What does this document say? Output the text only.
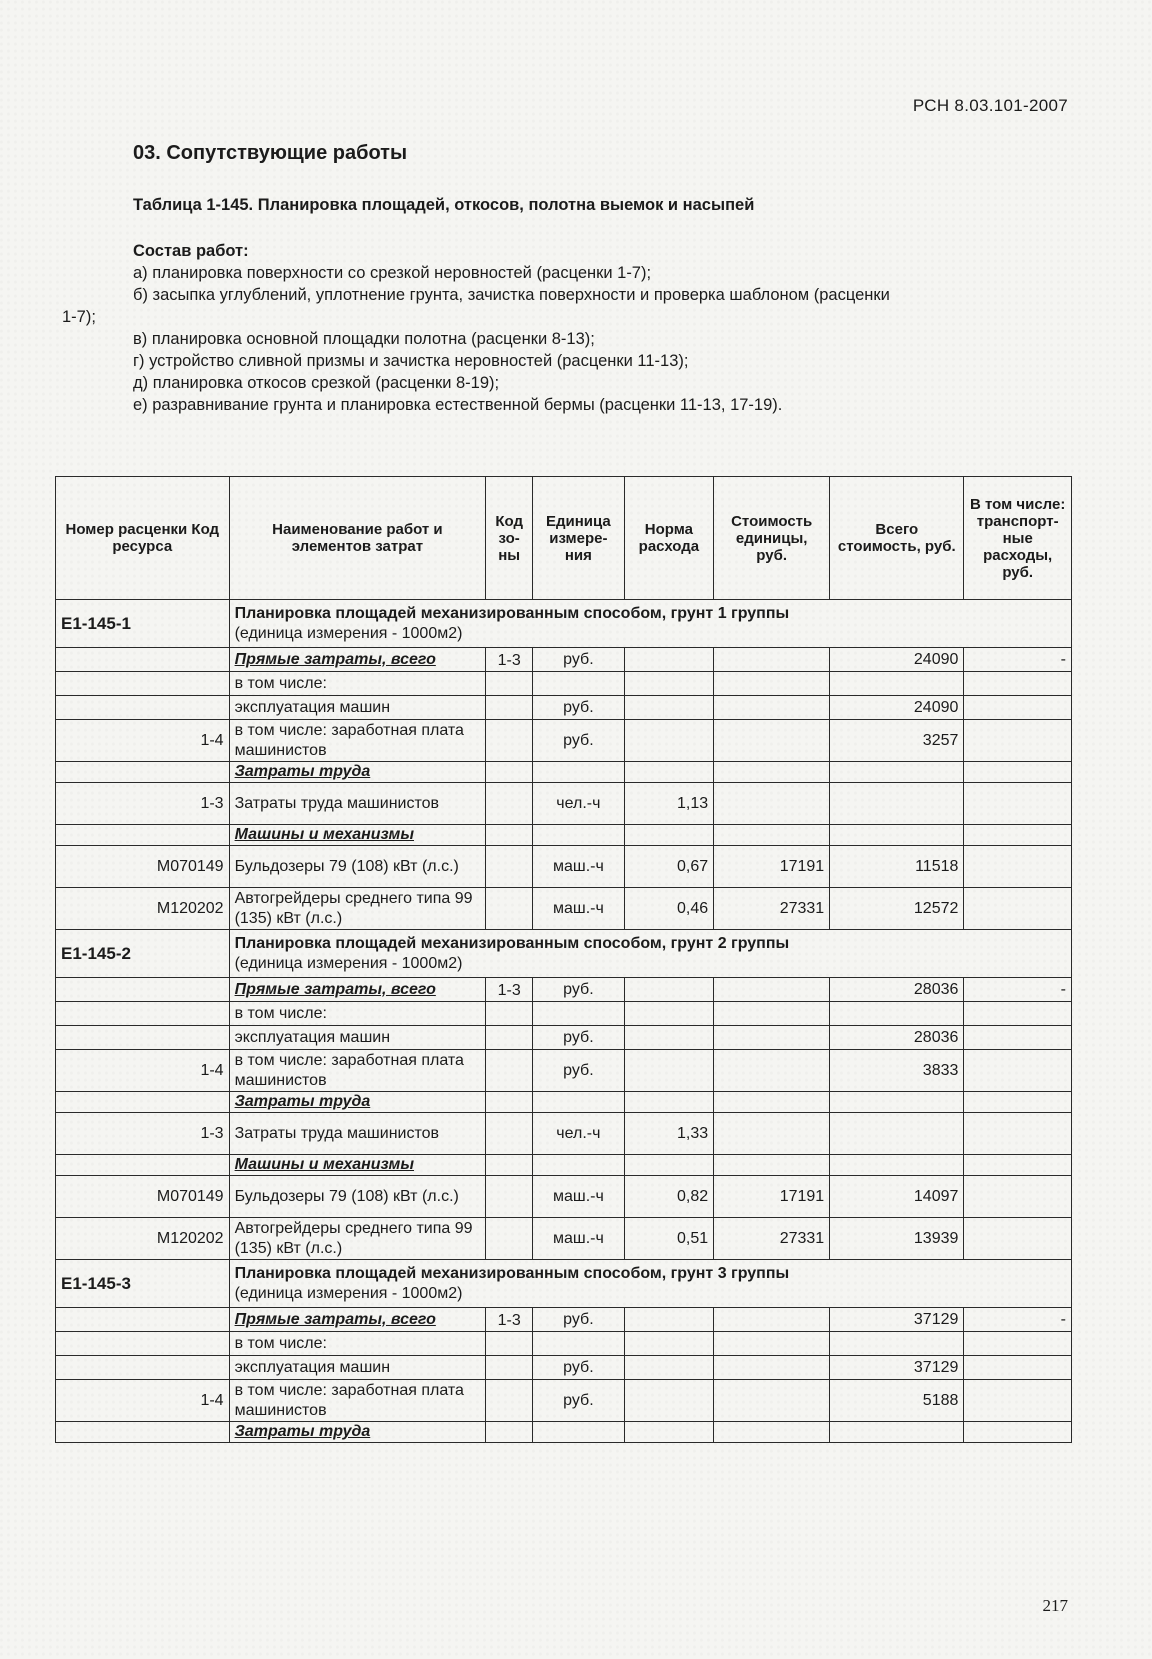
РСН 8.03.101-2007
03. Сопутствующие работы
Таблица 1-145. Планировка площадей, откосов, полотна выемок и насыпей
Состав работ:
а) планировка поверхности со срезкой неровностей (расценки 1-7);
б) засыпка углублений, уплотнение грунта, зачистка поверхности и проверка шаблоном (расценки
1-7);
в) планировка основной площадки полотна (расценки 8-13);
г) устройство сливной призмы и зачистка неровностей (расценки 11-13);
д) планировка откосов срезкой (расценки 8-19);
е) разравнивание грунта и планировка естественной бермы (расценки 11-13, 17-19).
Номер расценки Код ресурса	Наименование работ и элементов затрат	Код зо-ны	Единица измере-ния	Норма расхода	Стоимость единицы, руб.	Всего стоимость, руб.	В том числе: транспорт-ные расходы, руб.
Е1-145-1	Планировка площадей механизированным способом, грунт 1 группы
(единица измерения - 1000м2)						

	Прямые затраты, всего	1-3	руб.			24090	-
	в том числе:						
	эксплуатация машин		руб.			24090	
1-4	в том числе: заработная плата машинистов		руб.			3257	
	Затраты труда						
1-3	Затраты труда машинистов		чел.-ч	1,13			
	Машины и механизмы						
М070149	Бульдозеры 79 (108) кВт (л.с.)		маш.-ч	0,67	17191	11518	
М120202	Автогрейдеры среднего типа 99 (135) кВт (л.с.)		маш.-ч	0,46	27331	12572	
Е1-145-2	Планировка площадей механизированным способом, грунт 2 группы
(единица измерения - 1000м2)						

	Прямые затраты, всего	1-3	руб.			28036	-
	в том числе:						
	эксплуатация машин		руб.			28036	
1-4	в том числе: заработная плата машинистов		руб.			3833	
	Затраты труда						
1-3	Затраты труда машинистов		чел.-ч	1,33			
	Машины и механизмы						
М070149	Бульдозеры 79 (108) кВт (л.с.)		маш.-ч	0,82	17191	14097	
М120202	Автогрейдеры среднего типа 99 (135) кВт (л.с.)		маш.-ч	0,51	27331	13939	
Е1-145-3	Планировка площадей механизированным способом, грунт 3 группы
(единица измерения - 1000м2)						

	Прямые затраты, всего	1-3	руб.			37129	-
	в том числе:						
	эксплуатация машин		руб.			37129	
1-4	в том числе: заработная плата машинистов		руб.			5188	
	Затраты труда						
217
